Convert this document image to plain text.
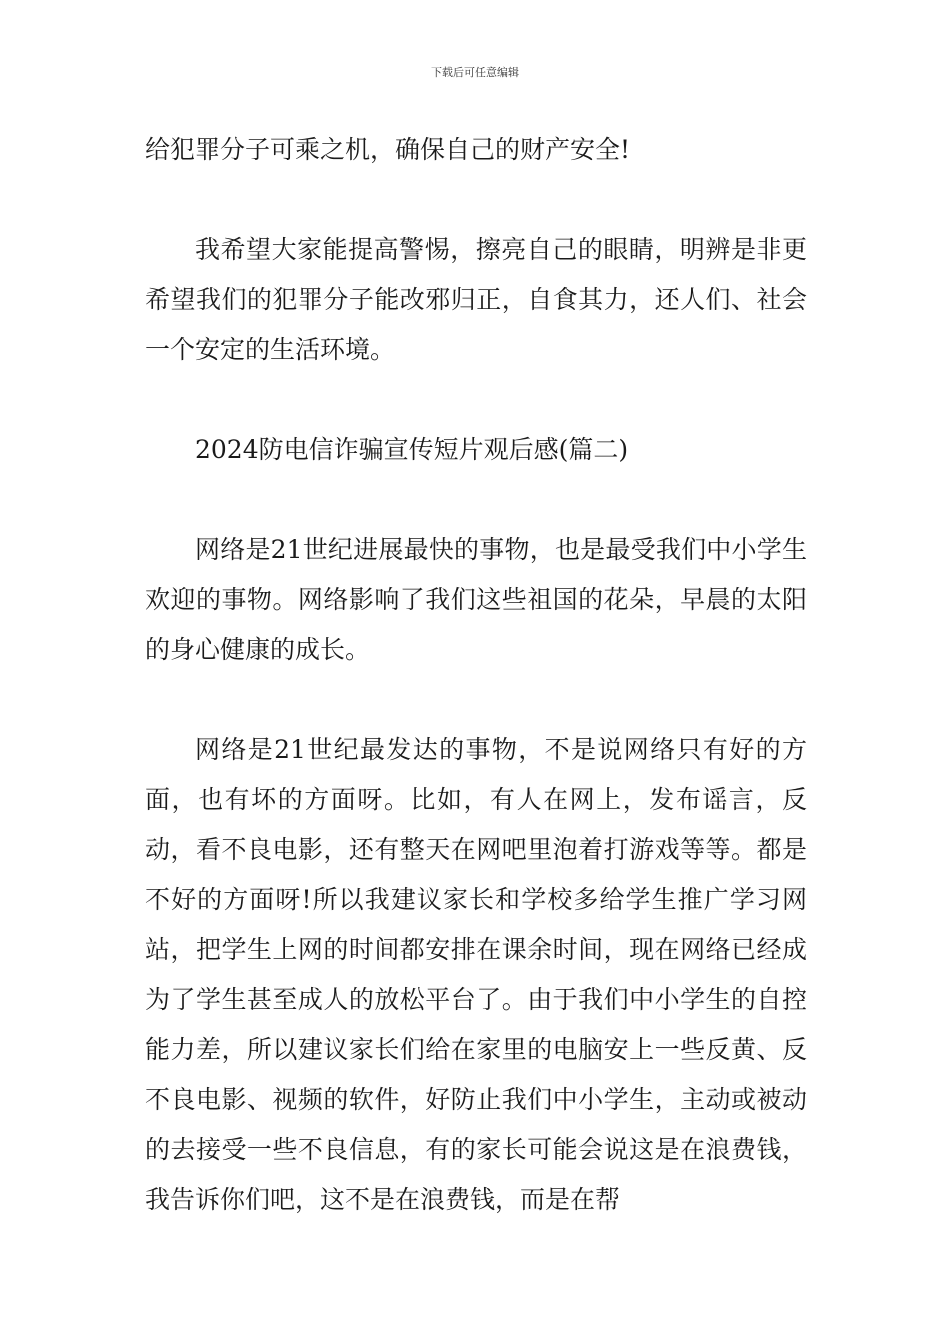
下载后可任意编辑

给犯罪分子可乘之机，确保自己的财产安全!

我希望大家能提高警惕，擦亮自己的眼睛，明辨是非更希望我们的犯罪分子能改邪归正，自食其力，还人们、社会一个安定的生活环境。

2024防电信诈骗宣传短片观后感(篇二)

网络是21世纪进展最快的事物，也是最受我们中小学生欢迎的事物。网络影响了我们这些祖国的花朵，早晨的太阳的身心健康的成长。

网络是21世纪最发达的事物，不是说网络只有好的方面，也有坏的方面呀。比如，有人在网上，发布谣言，反动，看不良电影，还有整天在网吧里泡着打游戏等等。都是不好的方面呀!所以我建议家长和学校多给学生推广学习网站，把学生上网的时间都安排在课余时间，现在网络已经成为了学生甚至成人的放松平台了。由于我们中小学生的自控能力差，所以建议家长们给在家里的电脑安上一些反黄、反不良电影、视频的软件，好防止我们中小学生，主动或被动的去接受一些不良信息，有的家长可能会说这是在浪费钱，我告诉你们吧，这不是在浪费钱，而是在帮
